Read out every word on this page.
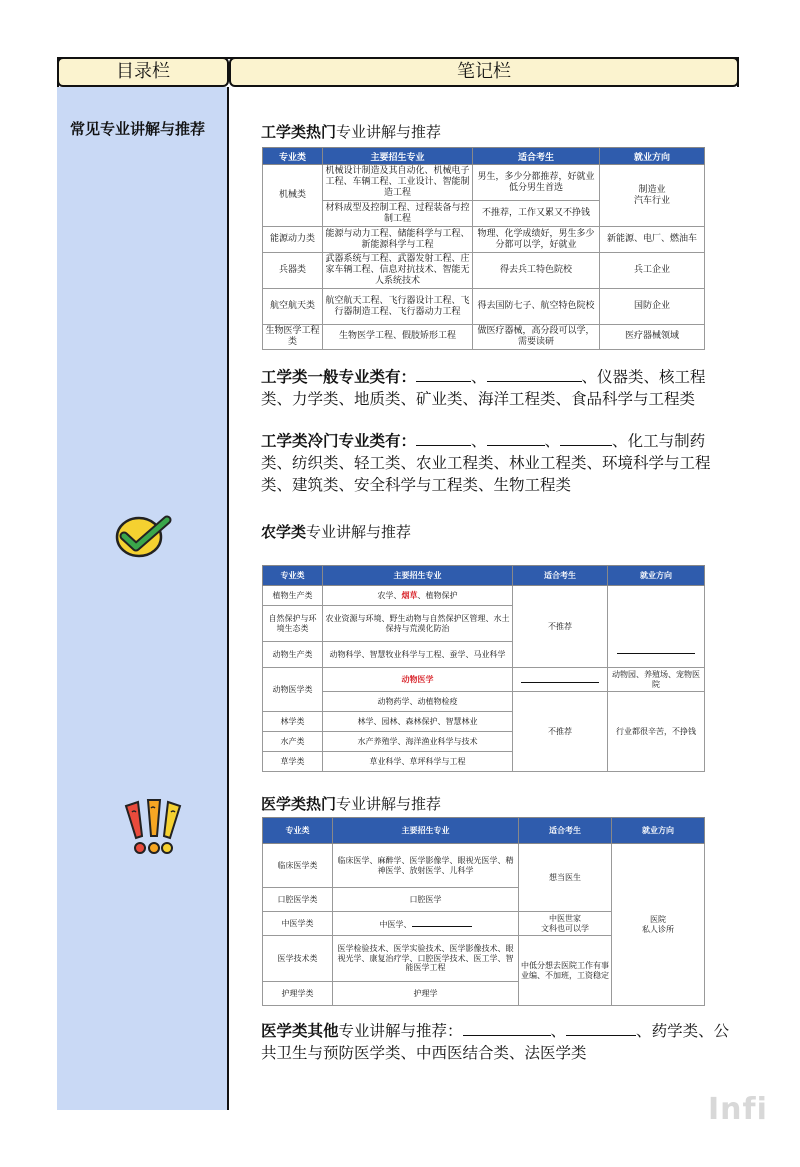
目录栏	笔记栏
常见专业讲解与推荐	工学类热门专业讲解与推荐
专业类	主要招生专业	适合考生	就业方向
机械类	机械设计制造及其自动化、机械电子工程、车辆工程、工业设计、智能制造工程	男生，多少分都推荐，好就业低分男生首选	制造业
汽车行业
	材料成型及控制工程、过程装备与控制工程	不推荐，工作又累又不挣钱	
能源动力类	能源与动力工程、储能科学与工程、新能源科学与工程	物理、化学成绩好，男生多少分都可以学，好就业	新能源、电厂、燃油车
兵器类	武器系统与工程、武器发射工程、庄家车辆工程、信息对抗技术、智能无人系统技术	得去兵工特色院校	兵工企业
航空航天类	航空航天工程、飞行器设计工程、飞行器制造工程、飞行器动力工程	得去国防七子、航空特色院校	国防企业
生物医学工程类	生物医学工程、假肢矫形工程	做医疗器械，高分段可以学，需要读研	医疗器械领域
工学类一般专业类有：	、	、仪器类、核工程类、力学类、地质类、矿业类、海洋工程类、食品科学与工程类
工学类冷门专业类有：	、	、	、化工与制药类、纺织类、轻工类、农业工程类、林业工程类、环境科学与工程类、建筑类、安全科学与工程类、生物工程类
农学类专业讲解与推荐
专业类	主要招生专业	适合考生	就业方向
植物生产类	农学、烟草、植物保护	不推荐	
自然保护与环境生态类	农业资源与环境、野生动物与自然保护区管理、水土保持与荒漠化防治		
动物生产类	动物科学、智慧牧业科学与工程、蚕学、马业科学		
动物医学类	动物医学		动物园、养殖场、宠物医院
	动物药学、动植物检疫	不推荐	行业都很辛苦，不挣钱
林学类	林学、园林、森林保护、智慧林业		
水产类	水产养殖学、海洋渔业科学与技术		
草学类	草业科学、草坪科学与工程		
医学类热门专业讲解与推荐
专业类	主要招生专业	适合考生	就业方向
临床医学类	临床医学、麻醉学、医学影像学、眼视光医学、精神医学、放射医学、儿科学	想当医生	医院
私人诊所
口腔医学类	口腔医学		
中医学类	中医学、	中医世家
文科也可以学	
医学技术类	医学检验技术、医学实验技术、医学影像技术、眼视光学、康复治疗学、口腔医学技术、医工学、智能医学工程	中低分想去医院工作有事业编、不加班，工资稳定	
护理学类	护理学		
医学类其他专业讲解与推荐：	、	、药学类、公共卫生与预防医学类、中西医结合类、法医学类
Infi
